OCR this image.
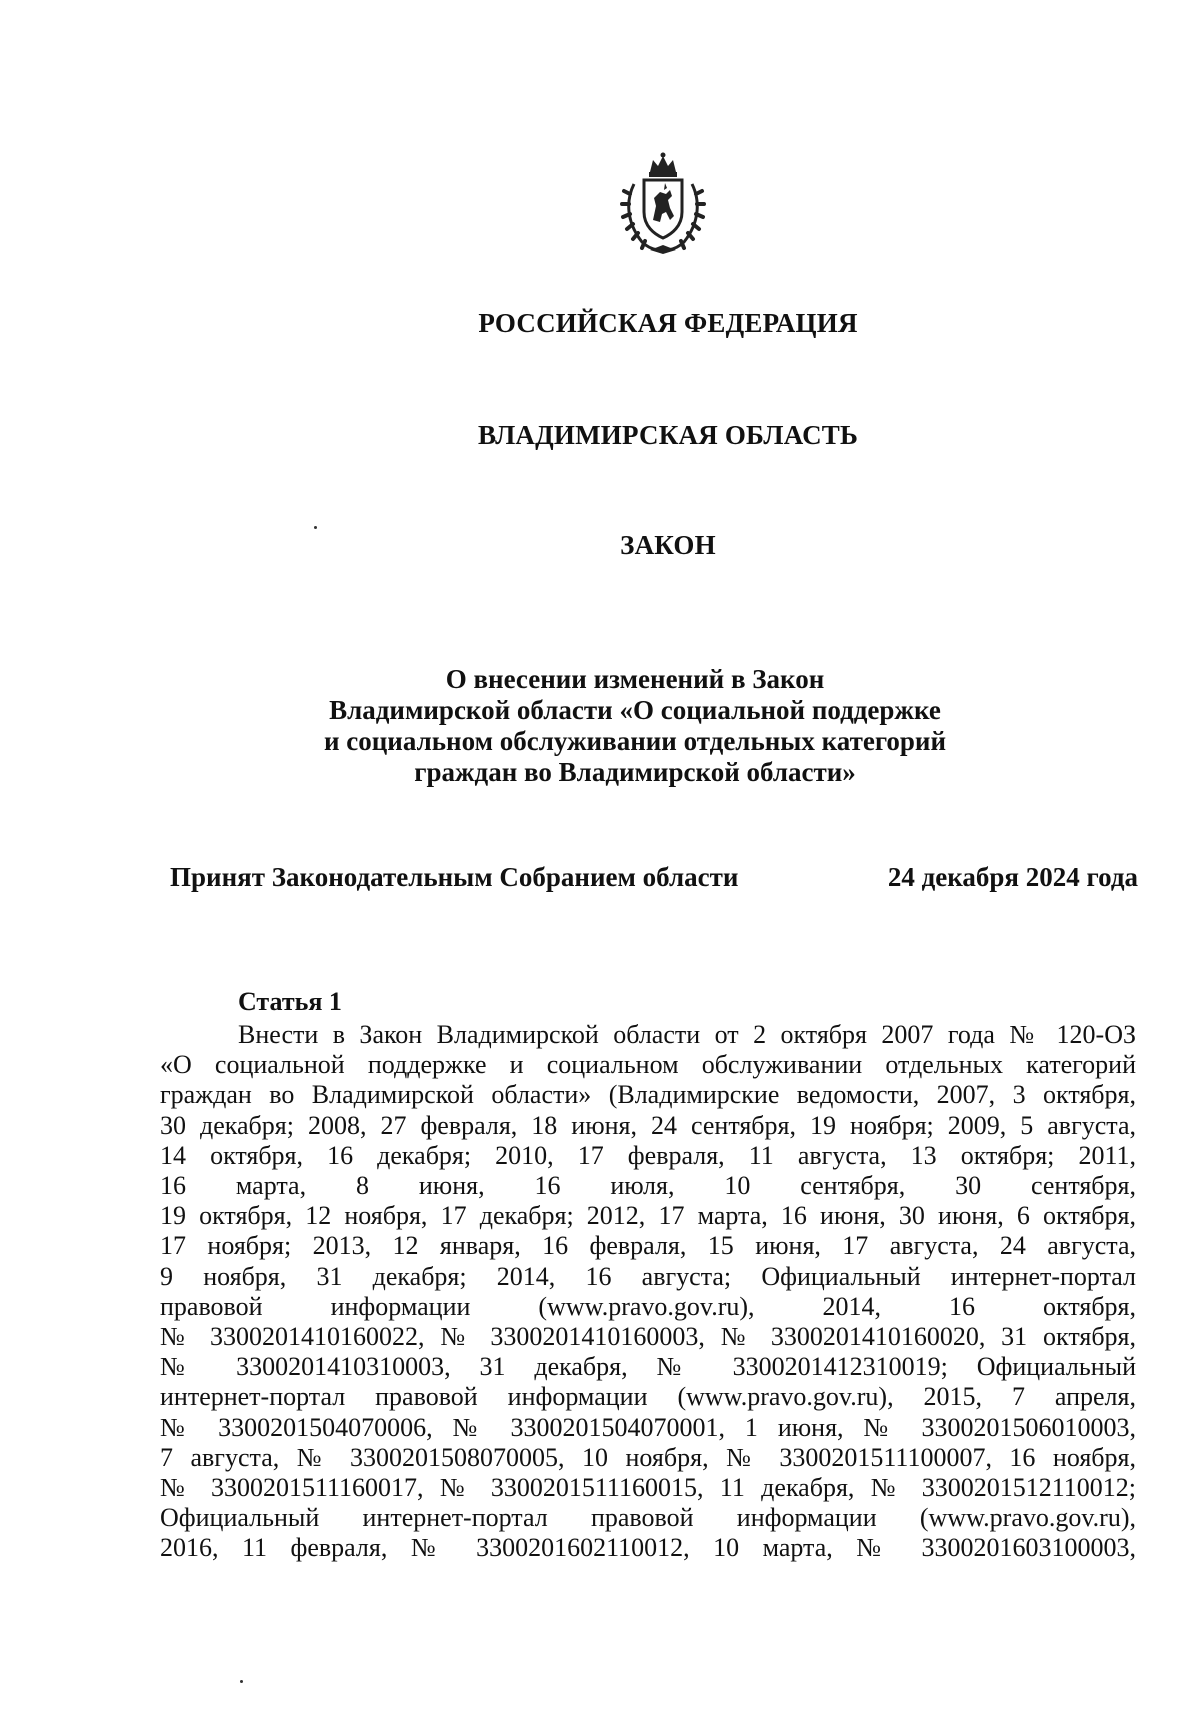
РОССИЙСКАЯ ФЕДЕРАЦИЯ
ВЛАДИМИРСКАЯ ОБЛАСТЬ
ЗАКОН
О внесении изменений в Закон
Владимирской области «О социальной поддержке
и социальном обслуживании отдельных категорий
граждан во Владимирской области»
Принят Законодательным Собранием области	24 декабря 2024 года
Статья 1
Внести в Закон Владимирской области от 2 октября 2007 года № 120-ОЗ
«О социальной поддержке и социальном обслуживании отдельных категорий
граждан во Владимирской области» (Владимирские ведомости, 2007, 3 октября,
30 декабря; 2008, 27 февраля, 18 июня, 24 сентября, 19 ноября; 2009, 5 августа,
14 октября, 16 декабря; 2010, 17 февраля, 11 августа, 13 октября; 2011,
16 марта, 8 июня, 16 июля, 10 сентября, 30 сентября,
19 октября, 12 ноября, 17 декабря; 2012, 17 марта, 16 июня, 30 июня, 6 октября,
17 ноября; 2013, 12 января, 16 февраля, 15 июня, 17 августа, 24 августа,
9 ноября, 31 декабря; 2014, 16 августа; Официальный интернет-портал
правовой информации (www.pravo.gov.ru), 2014, 16 октября,
№ 3300201410160022, № 3300201410160003, № 3300201410160020, 31 октября,
№ 3300201410310003, 31 декабря, № 3300201412310019; Официальный
интернет-портал правовой информации (www.pravo.gov.ru), 2015, 7 апреля,
№ 3300201504070006, № 3300201504070001, 1 июня, № 3300201506010003,
7 августа, № 3300201508070005, 10 ноября, № 3300201511100007, 16 ноября,
№ 3300201511160017, № 3300201511160015, 11 декабря, № 3300201512110012;
Официальный интернет-портал правовой информации (www.pravo.gov.ru),
2016, 11 февраля, № 3300201602110012, 10 марта, № 3300201603100003,
